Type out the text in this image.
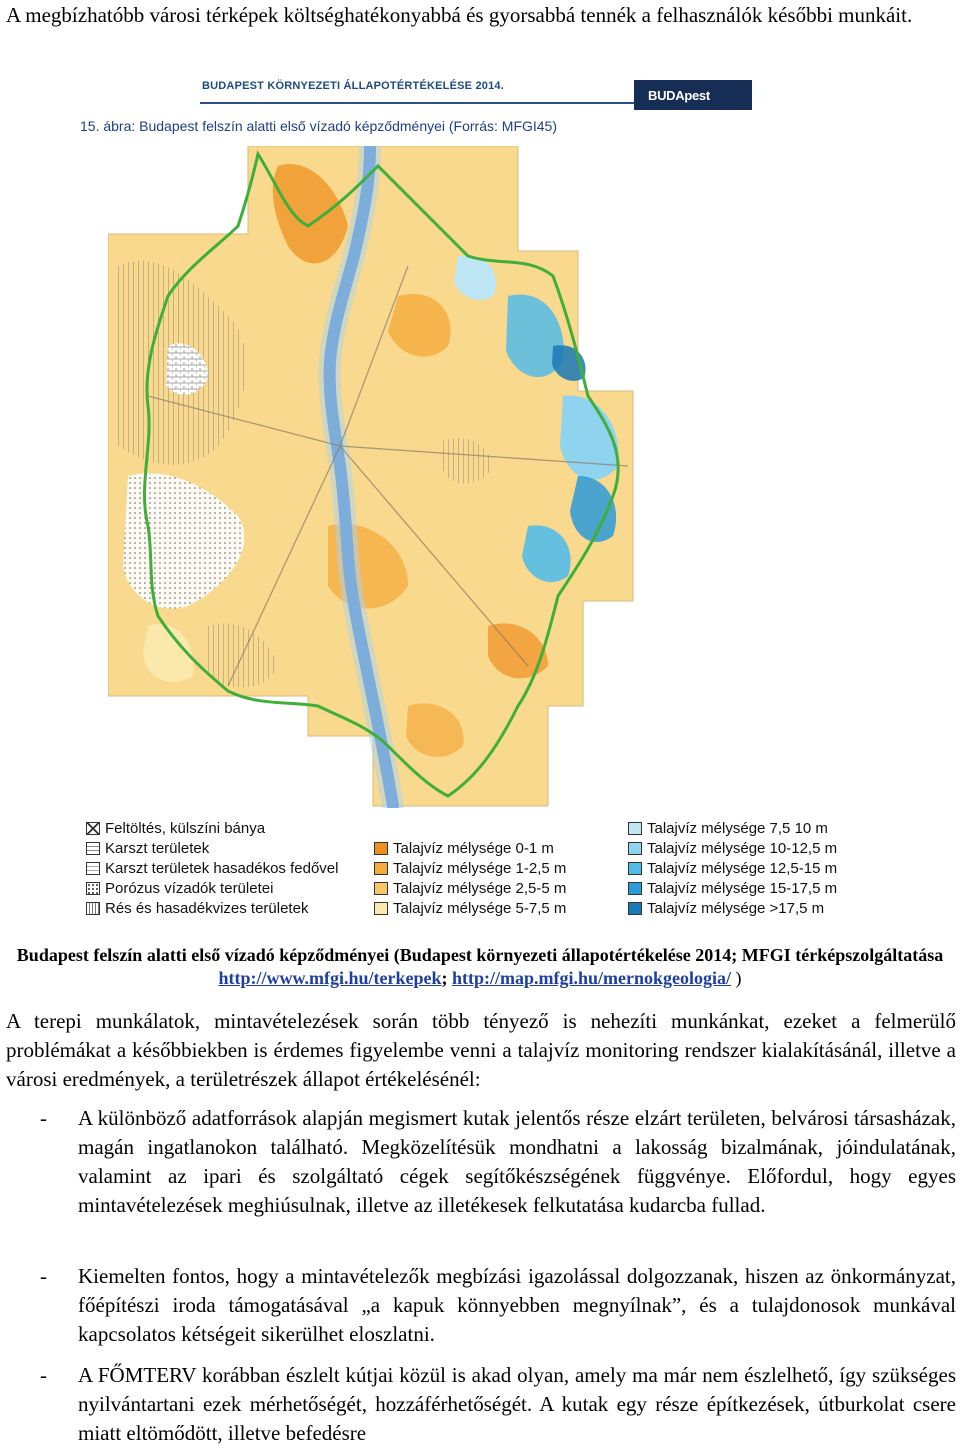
A megbízhatóbb városi térképek költséghatékonyabbá és gyorsabbá tennék a felhasználók későbbi munkáit.
BUDAPEST KÖRNYEZETI ÁLLAPOTÉRTÉKELÉSE 2014.
BUDApest
15. ábra: Budapest felszín alatti első vízadó képződményei (Forrás: MFGI45)
Feltöltés, külszíni bánya
Karszt területek
Karszt területek hasadékos fedővel
Porózus vízadók területei
Rés és hasadékvizes területek
Talajvíz mélysége 0-1 m
Talajvíz mélysége 1-2,5 m
Talajvíz mélysége 2,5-5 m
Talajvíz mélysége 5-7,5 m
Talajvíz mélysége 7,5 10 m
Talajvíz mélysége 10-12,5 m
Talajvíz mélysége 12,5-15 m
Talajvíz mélysége 15-17,5 m
Talajvíz mélysége >17,5 m
Budapest felszín alatti első vízadó képződményei (Budapest környezeti állapotértékelése 2014; MFGI térképszolgáltatása http://www.mfgi.hu/terkepek; http://map.mfgi.hu/mernokgeologia/ )
A terepi munkálatok, mintavételezések során több tényező is nehezíti munkánkat, ezeket a felmerülő problémákat a későbbiekben is érdemes figyelembe venni a talajvíz monitoring rendszer kialakításánál, illetve a városi eredmények, a területrészek állapot értékelésénél:
- A különböző adatforrások alapján megismert kutak jelentős része elzárt területen, belvárosi társasházak, magán ingatlanokon található. Megközelítésük mondhatni a lakosság bizalmának, jóindulatának, valamint az ipari és szolgáltató cégek segítőkészségének függvénye. Előfordul, hogy egyes mintavételezések meghiúsulnak, illetve az illetékesek felkutatása kudarcba fullad.
- Kiemelten fontos, hogy a mintavételezők megbízási igazolással dolgozzanak, hiszen az önkormányzat, főépítészi iroda támogatásával „a kapuk könnyebben megnyílnak”, és a tulajdonosok munkával kapcsolatos kétségeit sikerülhet eloszlatni.
- A FŐMTERV korábban észlelt kútjai közül is akad olyan, amely ma már nem észlelhető, így szükséges nyilvántartani ezek mérhetőségét, hozzáférhetőségét. A kutak egy része építkezések, útburkolat csere miatt eltömődött, illetve befedésre
